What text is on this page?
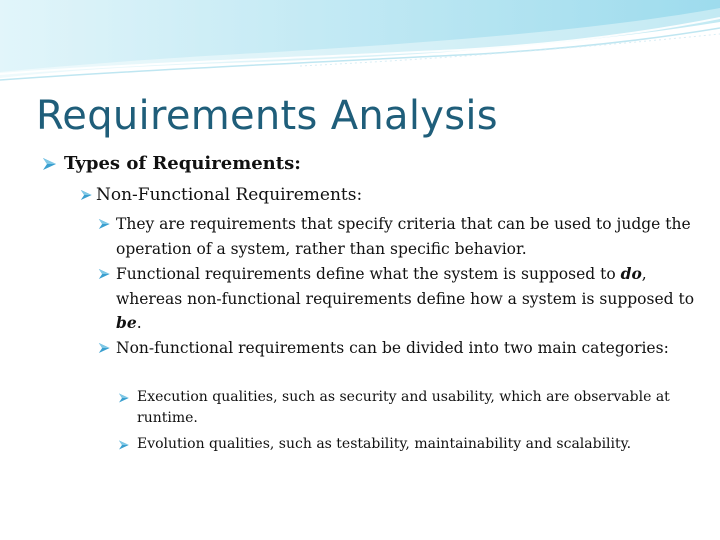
Requirements Analysis
Types of Requirements:
Non-Functional Requirements:
They are requirements that specify criteria that can be used to judge the operation of a system, rather than specific behavior.
Functional requirements define what the system is supposed to do, whereas non-functional requirements define how a system is supposed to be.
Non-functional requirements can be divided into two main categories:
Execution qualities, such as security and usability, which are observable at runtime.
Evolution qualities, such as testability, maintainability and scalability.
